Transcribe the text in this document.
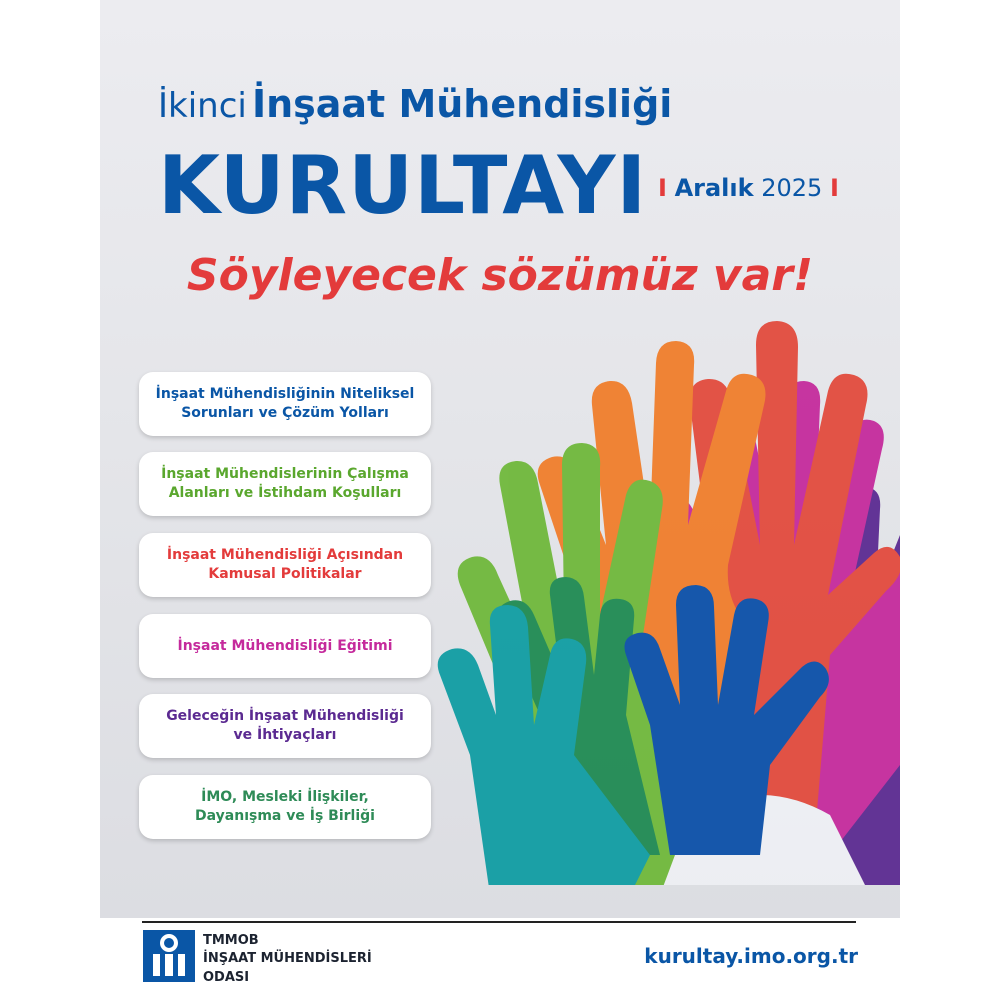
İkinci İnşaat Mühendisliği
KURULTAYI I Aralık 2025 I
Söyleyecek sözümüz var!
İnşaat Mühendisliğinin Niteliksel
Sorunları ve Çözüm Yolları
İnşaat Mühendislerinin Çalışma
Alanları ve İstihdam Koşulları
İnşaat Mühendisliği Açısından
Kamusal Politikalar
İnşaat Mühendisliği Eğitimi
Geleceğin İnşaat Mühendisliği
ve İhtiyaçları
İMO, Mesleki İlişkiler,
Dayanışma ve İş Birliği
TMMOB
İNŞAAT MÜHENDİSLERİ
ODASI
kurultay.imo.org.tr
